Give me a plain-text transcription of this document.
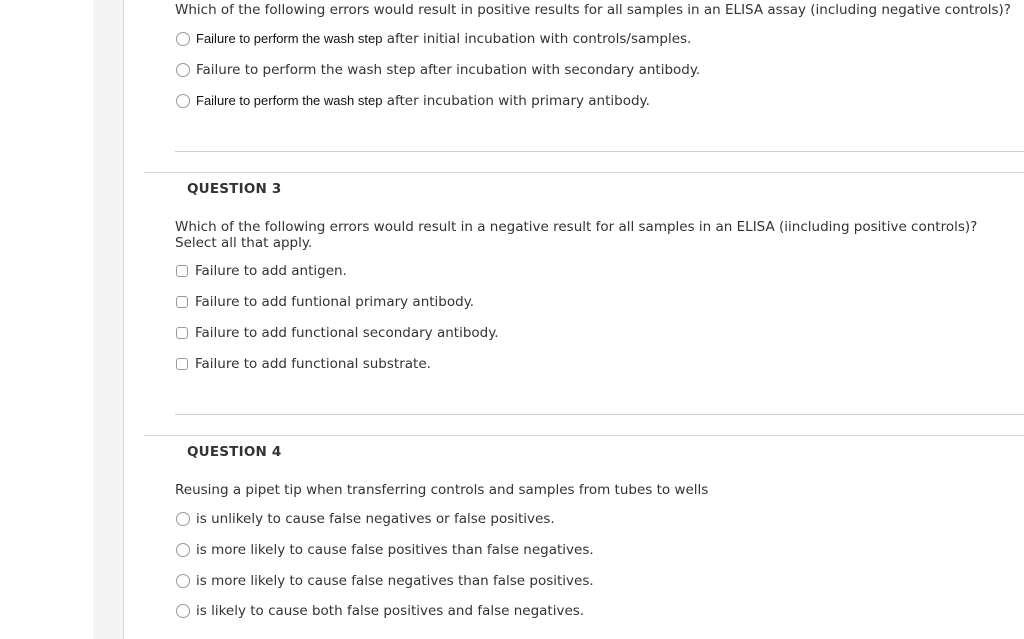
Which of the following errors would result in positive results for all samples in an ELISA assay (including negative controls)?
Failure to perform the wash step after initial incubation with controls/samples.
Failure to perform the wash step after incubation with secondary antibody.
Failure to perform the wash step after incubation with primary antibody.
QUESTION 3
Which of the following errors would result in a negative result for all samples in an ELISA (iincluding positive controls)? Select all that apply.
Failure to add antigen.
Failure to add funtional primary antibody.
Failure to add functional secondary antibody.
Failure to add functional substrate.
QUESTION 4
Reusing a pipet tip when transferring controls and samples from tubes to wells
is unlikely to cause false negatives or false positives.
is more likely to cause false positives than false negatives.
is more likely to cause false negatives than false positives.
is likely to cause both false positives and false negatives.
